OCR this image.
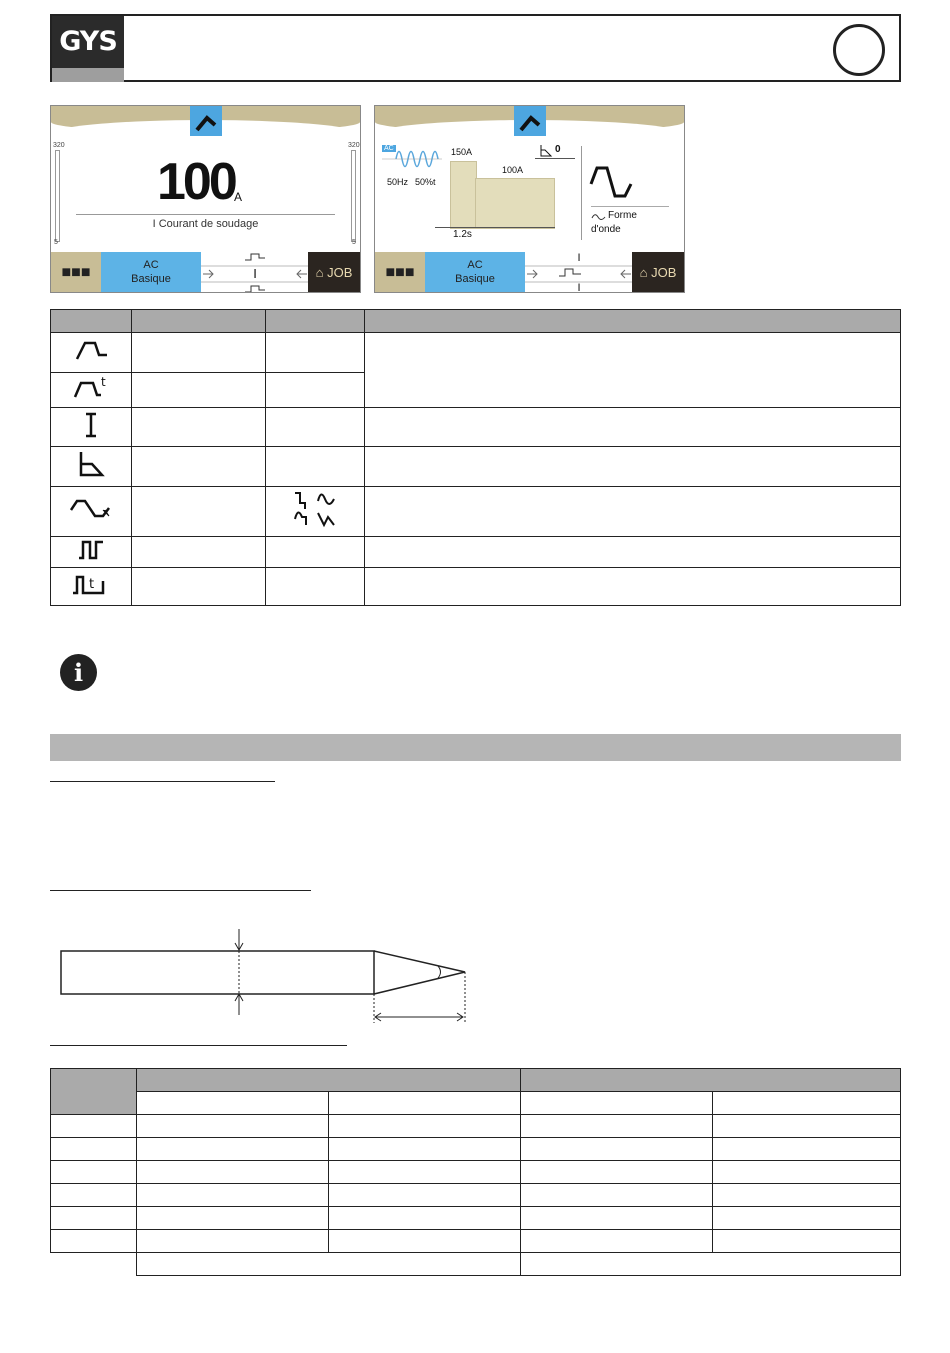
GYS
320
5
320
5
100 A
I Courant de soudage
■■■	AC
Basique	I	⌂ JOB
AC
50Hz 50%t
150A
100A
1.2s
0
Forme
d'onde
■■■	AC
Basique
I
I
⌂ JOB

t			

t			

i
